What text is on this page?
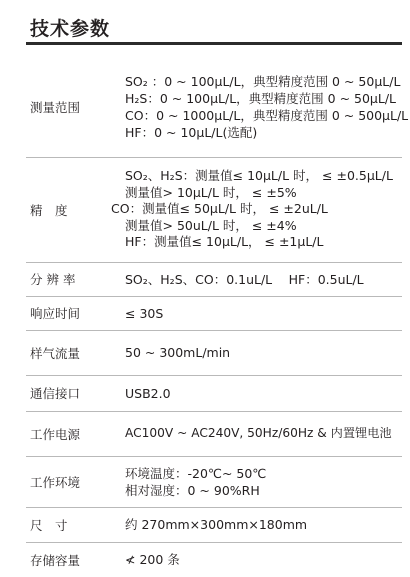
技术参数
测量范围	SO₂ ：0 ~ 100μL/L，典型精度范围 0 ~ 50μL/L
H₂S：0 ~ 100μL/L，典型精度范围 0 ~ 50μL/L
CO：0 ~ 1000μL/L，典型精度范围 0 ~ 500μL/L
HF：0 ~ 10μL/L(选配)

精　度	SO₂、H₂S：测量值≤ 10μL/L 时， ≤ ±0.5μL/L
测量值> 10μL/L 时， ≤ ±5%
CO：测量值≤ 50μL/L 时， ≤ ±2uL/L
测量值> 50uL/L 时， ≤ ±4%
HF：测量值≤ 10μL/L， ≤ ±1μL/L

分 辨 率	SO₂、H₂S、CO：0.1uL/L　 HF：0.5uL/L

响应时间	≤ 30S

样气流量	50 ~ 300mL/min

通信接口	USB2.0

工作电源	AC100V ~ AC240V, 50Hz/60Hz & 内置锂电池

工作环境	环境温度：-20℃~ 50℃
相对湿度：0 ~ 90%RH

尺　寸	约 270mm×300mm×180mm

存储容量	≮ 200 条
